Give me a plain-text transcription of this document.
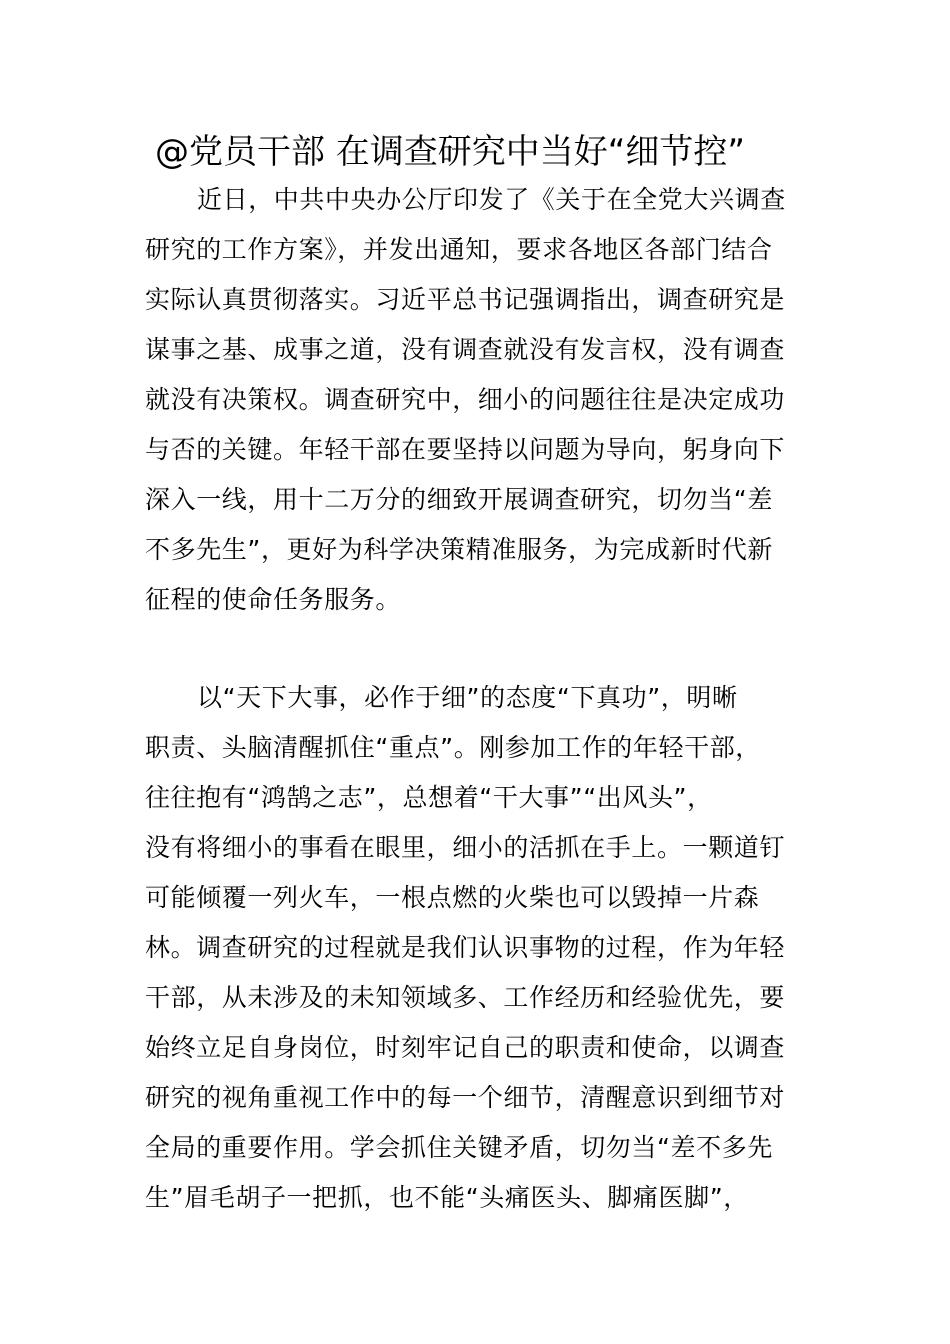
@党员干部 在调查研究中当好“细节控”
近日，中共中央办公厅印发了《关于在全党大兴调查
研究的工作方案》，并发出通知，要求各地区各部门结合
实际认真贯彻落实。习近平总书记强调指出，调查研究是
谋事之基、成事之道，没有调查就没有发言权，没有调查
就没有决策权。调查研究中，细小的问题往往是决定成功
与否的关键。年轻干部在要坚持以问题为导向，躬身向下
深入一线，用十二万分的细致开展调查研究，切勿当“差
不多先生”，更好为科学决策精准服务，为完成新时代新
征程的使命任务服务。
以“天下大事，必作于细”的态度“下真功”，明晰
职责、头脑清醒抓住“重点”。刚参加工作的年轻干部，
往往抱有“鸿鹄之志”，总想着“干大事”“出风头”，
没有将细小的事看在眼里，细小的活抓在手上。一颗道钉
可能倾覆一列火车，一根点燃的火柴也可以毁掉一片森
林。调查研究的过程就是我们认识事物的过程，作为年轻
干部，从未涉及的未知领域多、工作经历和经验优先，要
始终立足自身岗位，时刻牢记自己的职责和使命，以调查
研究的视角重视工作中的每一个细节，清醒意识到细节对
全局的重要作用。学会抓住关键矛盾，切勿当“差不多先
生”眉毛胡子一把抓，也不能“头痛医头、脚痛医脚”，
